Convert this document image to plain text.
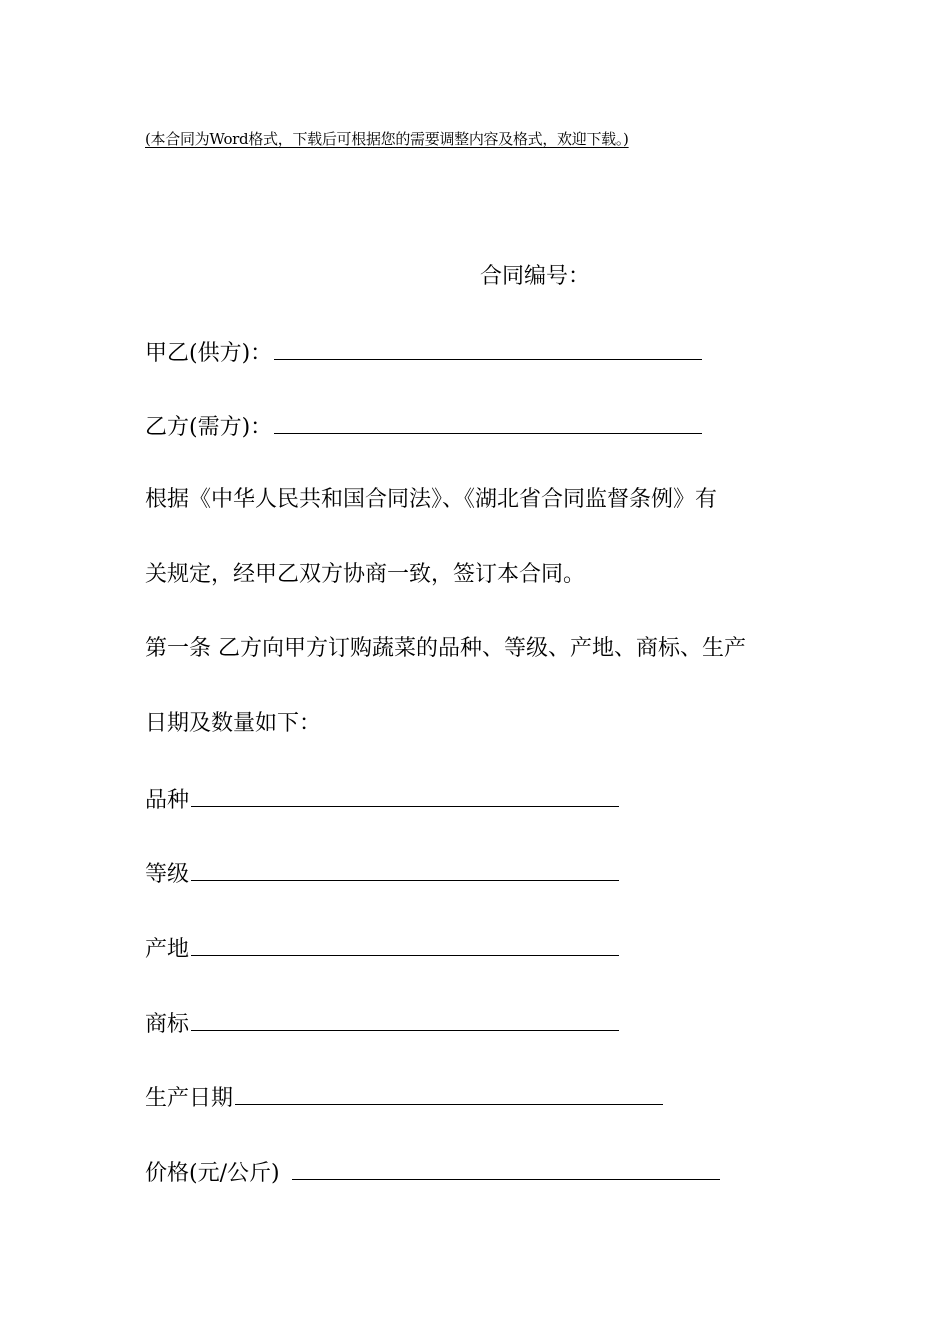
(本合同为Word格式，下载后可根据您的需要调整内容及格式，欢迎下载。)
合同编号：
甲乙(供方)：
乙方(需方)：
根据《中华人民共和国合同法》、《湖北省合同监督条例》有
关规定，经甲乙双方协商一致，签订本合同。
第一条 乙方向甲方订购蔬菜的品种、等级、产地、商标、生产
日期及数量如下：
品种
等级
产地
商标
生产日期
价格(元/公斤)
